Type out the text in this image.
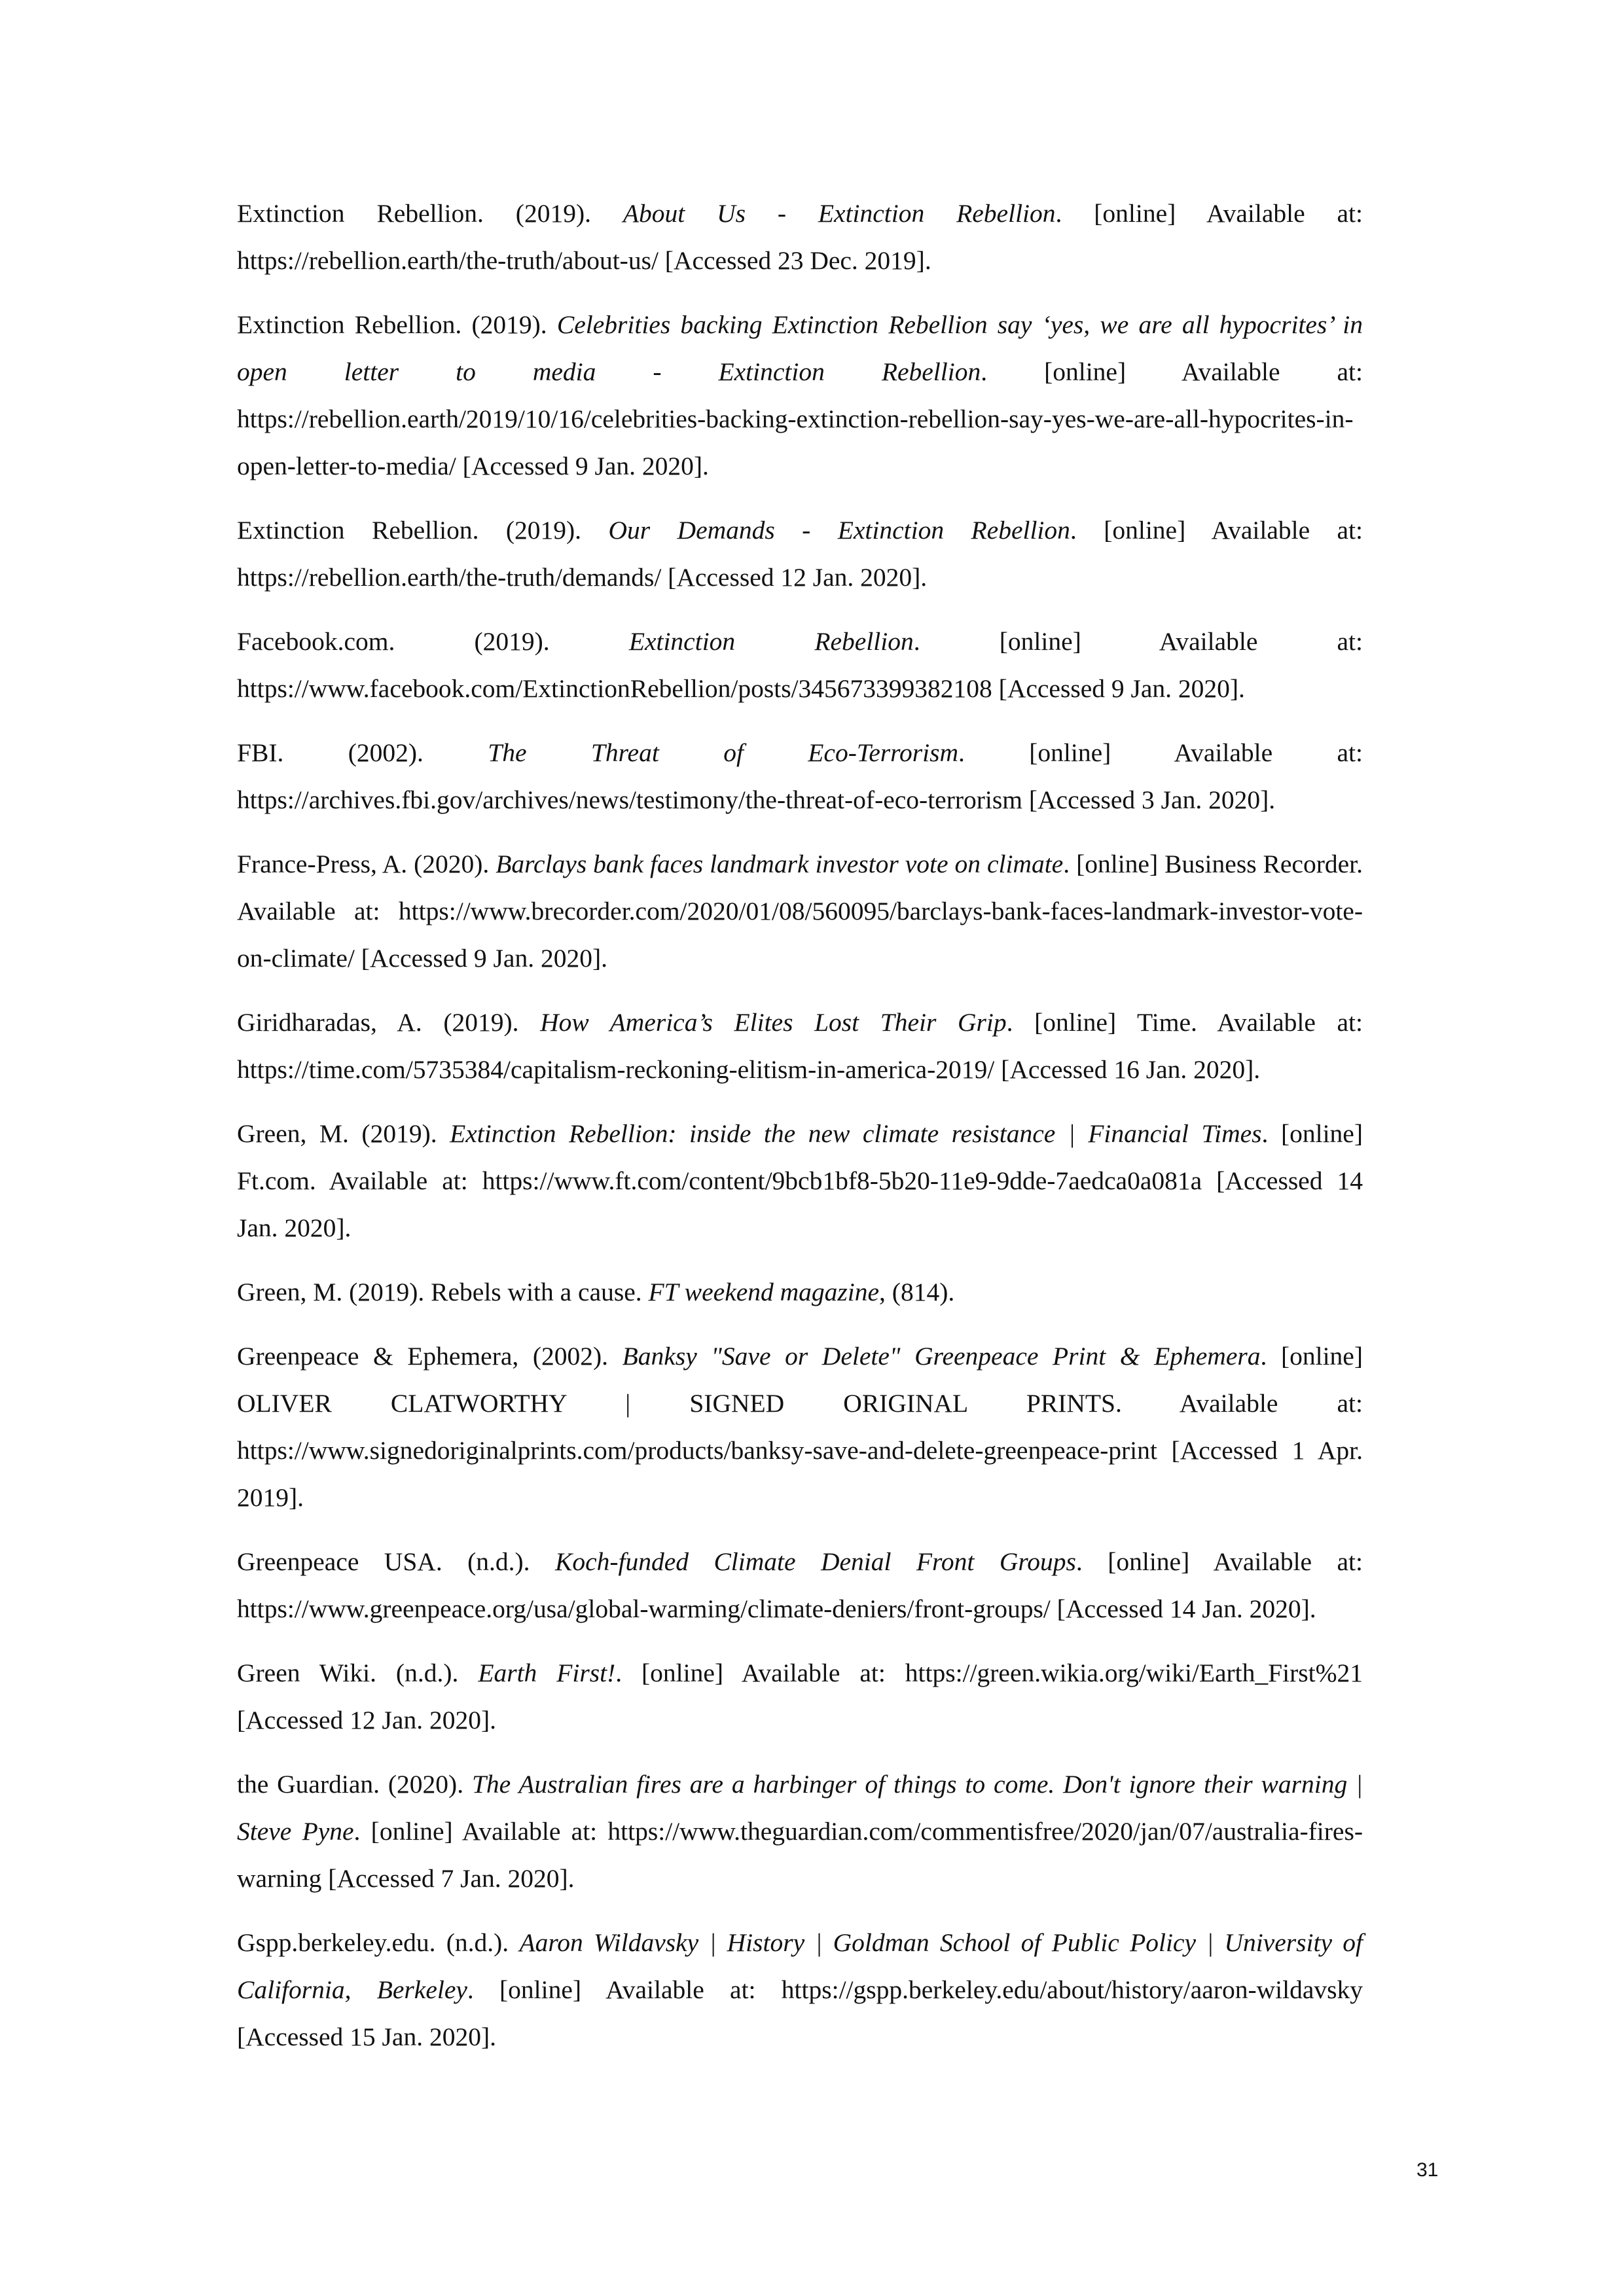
Extinction Rebellion. (2019). About Us - Extinction Rebellion. [online] Available at: https://rebellion.earth/the-truth/about-us/ [Accessed 23 Dec. 2019].

Extinction Rebellion. (2019). Celebrities backing Extinction Rebellion say ‘yes, we are all hypocrites’ in open letter to media - Extinction Rebellion. [online] Available at: https://rebellion.earth/2019/10/16/celebrities-backing-extinction-rebellion-say-yes-we-are-all-hypocrites-in-open-letter-to-media/ [Accessed 9 Jan. 2020].

Extinction Rebellion. (2019). Our Demands - Extinction Rebellion. [online] Available at: https://rebellion.earth/the-truth/demands/ [Accessed 12 Jan. 2020].

Facebook.com. (2019). Extinction Rebellion. [online] Available at: https://www.facebook.com/ExtinctionRebellion/posts/345673399382108 [Accessed 9 Jan. 2020].

FBI. (2002). The Threat of Eco-Terrorism. [online] Available at: https://archives.fbi.gov/archives/news/testimony/the-threat-of-eco-terrorism [Accessed 3 Jan. 2020].

France-Press, A. (2020). Barclays bank faces landmark investor vote on climate. [online] Business Recorder. Available at: https://www.brecorder.com/2020/01/08/560095/barclays-bank-faces-landmark-investor-vote-on-climate/ [Accessed 9 Jan. 2020].

Giridharadas, A. (2019). How America’s Elites Lost Their Grip. [online] Time. Available at: https://time.com/5735384/capitalism-reckoning-elitism-in-america-2019/ [Accessed 16 Jan. 2020].

Green, M. (2019). Extinction Rebellion: inside the new climate resistance | Financial Times. [online] Ft.com. Available at: https://www.ft.com/content/9bcb1bf8-5b20-11e9-9dde-7aedca0a081a [Accessed 14 Jan. 2020].

Green, M. (2019). Rebels with a cause. FT weekend magazine, (814).

Greenpeace & Ephemera, (2002). Banksy "Save or Delete" Greenpeace Print & Ephemera. [online] OLIVER CLATWORTHY | SIGNED ORIGINAL PRINTS. Available at: https://www.signedoriginalprints.com/products/banksy-save-and-delete-greenpeace-print [Accessed 1 Apr. 2019].

Greenpeace USA. (n.d.). Koch-funded Climate Denial Front Groups. [online] Available at: https://www.greenpeace.org/usa/global-warming/climate-deniers/front-groups/ [Accessed 14 Jan. 2020].

Green Wiki. (n.d.). Earth First!. [online] Available at: https://green.wikia.org/wiki/Earth_First%21 [Accessed 12 Jan. 2020].

the Guardian. (2020). The Australian fires are a harbinger of things to come. Don't ignore their warning | Steve Pyne. [online] Available at: https://www.theguardian.com/commentisfree/2020/jan/07/australia-fires-warning [Accessed 7 Jan. 2020].

Gspp.berkeley.edu. (n.d.). Aaron Wildavsky | History | Goldman School of Public Policy | University of California, Berkeley. [online] Available at: https://gspp.berkeley.edu/about/history/aaron-wildavsky [Accessed 15 Jan. 2020].

31
